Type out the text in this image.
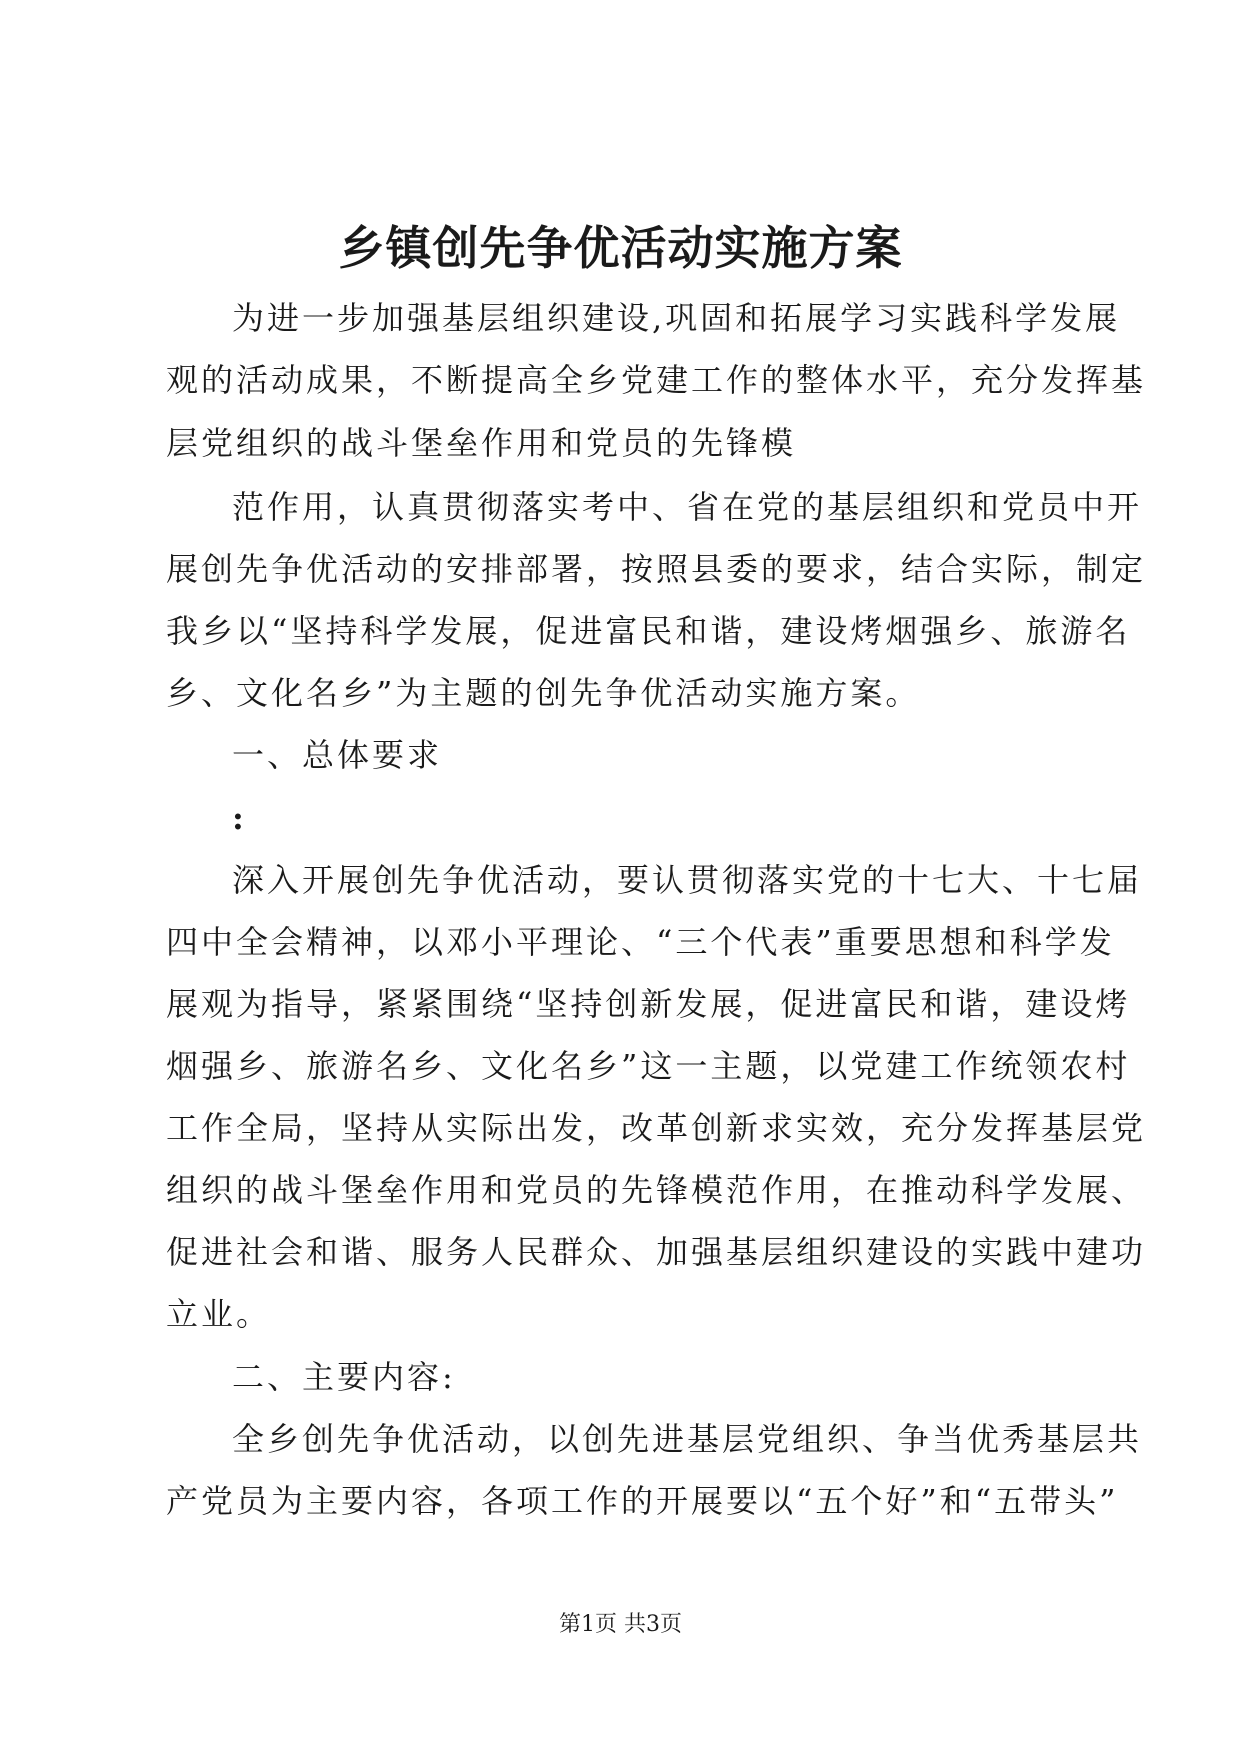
乡镇创先争优活动实施方案
为进一步加强基层组织建设,巩固和拓展学习实践科学发展
观的活动成果，不断提高全乡党建工作的整体水平，充分发挥基
层党组织的战斗堡垒作用和党员的先锋模
范作用，认真贯彻落实考中、省在党的基层组织和党员中开
展创先争优活动的安排部署，按照县委的要求，结合实际，制定
我乡以“坚持科学发展，促进富民和谐，建设烤烟强乡、旅游名
乡、文化名乡”为主题的创先争优活动实施方案。
一、总体要求
:
深入开展创先争优活动，要认贯彻落实党的十七大、十七届
四中全会精神，以邓小平理论、“三个代表”重要思想和科学发
展观为指导，紧紧围绕“坚持创新发展，促进富民和谐，建设烤
烟强乡、旅游名乡、文化名乡”这一主题，以党建工作统领农村
工作全局，坚持从实际出发，改革创新求实效，充分发挥基层党
组织的战斗堡垒作用和党员的先锋模范作用，在推动科学发展、
促进社会和谐、服务人民群众、加强基层组织建设的实践中建功
立业。
二、主要内容:
全乡创先争优活动，以创先进基层党组织、争当优秀基层共
产党员为主要内容，各项工作的开展要以“五个好”和“五带头”
第1页 共3页
